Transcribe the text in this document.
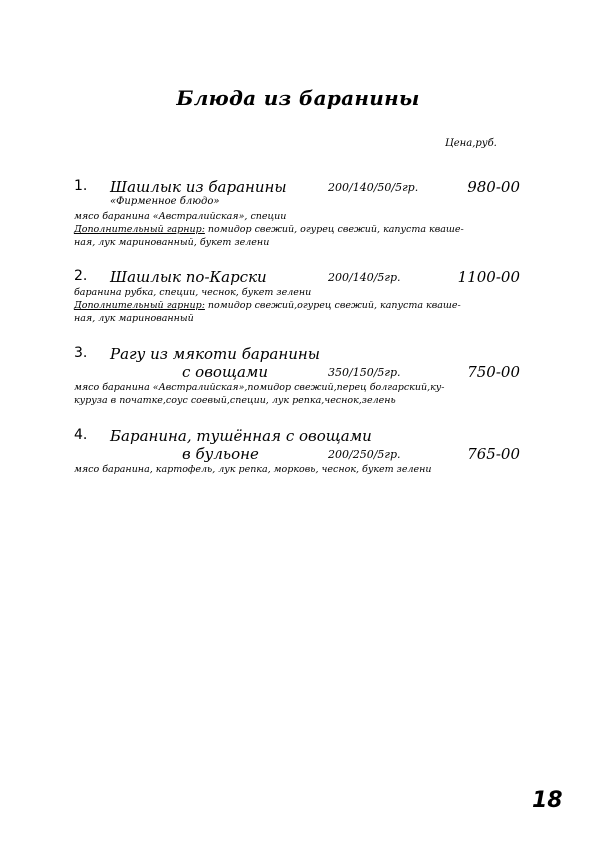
Блюда из баранины
Цена,руб.
1. Шашлык из баранины	200/140/50/5гр.	980-00
«Фирменное блюдо»
мясо баранина «Австралийская», специи
Дополнительный гарнир: помидор свежий, огурец свежий, капуста кваше-
ная, лук маринованный, букет зелени
2. Шашлык по-Карски	200/140/5гр.	1100-00
баранина рубка, специи, чеснок, букет зелени
Дополнительный гарнир: помидор свежий,огурец свежий, капуста кваше-
ная, лук маринованный
3. Рагу из мякоти баранины
с овощами	350/150/5гр.	750-00
мясо баранина «Австралийская»,помидор свежий,перец болгарский,ку-
куруза в початке,соус соевый,специи, лук репка,чеснок,зелень
4. Баранина, тушённая с овощами
в бульоне	200/250/5гр.	765-00
мясо баранина, картофель, лук репка, морковь, чеснок, букет зелени
18
